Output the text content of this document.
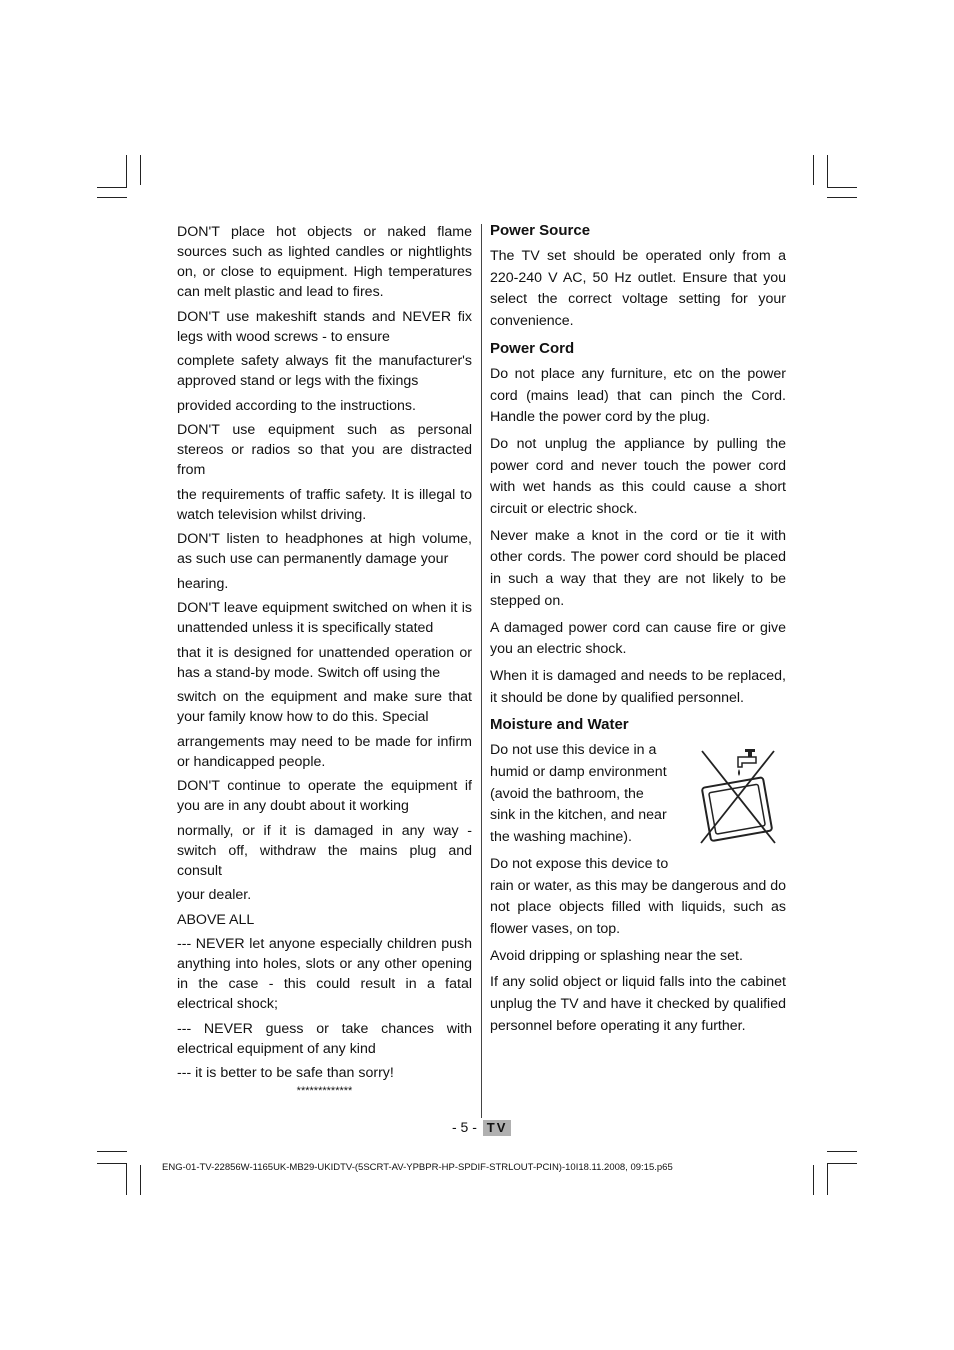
DON'T place hot objects or naked flame sources such as lighted candles or nightlights on, or close to equipment. High temperatures can melt plastic and lead to fires.

DON'T use makeshift stands and NEVER fix legs with wood screws - to ensure

complete safety always fit the manufacturer's approved stand or legs with the fixings

provided according to the instructions.

DON'T use equipment such as personal stereos or radios so that you are distracted from

the requirements of traffic safety. It is illegal to watch television whilst driving.

DON'T listen to headphones at high volume, as such use can permanently damage your

hearing.

DON'T leave equipment switched on when it is unattended unless it is specifically stated

that it is designed for unattended operation or has a stand-by mode. Switch off using the

switch on the equipment and make sure that your family know how to do this. Special

arrangements may need to be made for infirm or handicapped people.

DON'T continue to operate the equipment if you are in any doubt about it working

normally, or if it is damaged in any way - switch off, withdraw the mains plug and consult

your dealer.

ABOVE ALL

--- NEVER let anyone especially children push anything into holes, slots or any other opening in the case - this could result in a fatal electrical shock;

--- NEVER guess or take chances with electrical equipment of any kind

--- it is better to be safe than sorry!

*************

Power Source

The TV set should be operated only from a 220-240 V AC, 50 Hz outlet. Ensure that you select the correct voltage setting for your convenience.

Power Cord

Do not place any furniture, etc on the power cord (mains lead) that can pinch the Cord. Handle the power cord by the plug.

Do not unplug the appliance by pulling the power cord and never touch the power cord with wet hands as this could cause a short circuit or electric shock.

Never make a knot in the cord or tie it with other cords. The power cord should be placed in such a way that they are not likely to be stepped on.

A damaged power cord can cause fire or give you an electric shock.

When it is damaged and needs to be replaced, it should be done by qualified personnel.

Moisture and Water

Do not use this device in a humid or damp environment (avoid the bathroom, the sink in the kitchen, and near the washing machine).

Do not expose this device to

rain or water, as this may be dangerous and do not place objects filled with liquids, such as flower vases, on top.

Avoid dripping or splashing near the set.

If any solid object or liquid falls into the cabinet unplug the TV and have it checked by qualified personnel before operating it any further.

- 5 - TV
ENG-01-TV-22856W-1165UK-MB29-UKIDTV-(5SCRT-AV-YPBPR-HP-SPDIF-STRLOUT-PCIN)-10I18.11.2008, 09:15.p65
